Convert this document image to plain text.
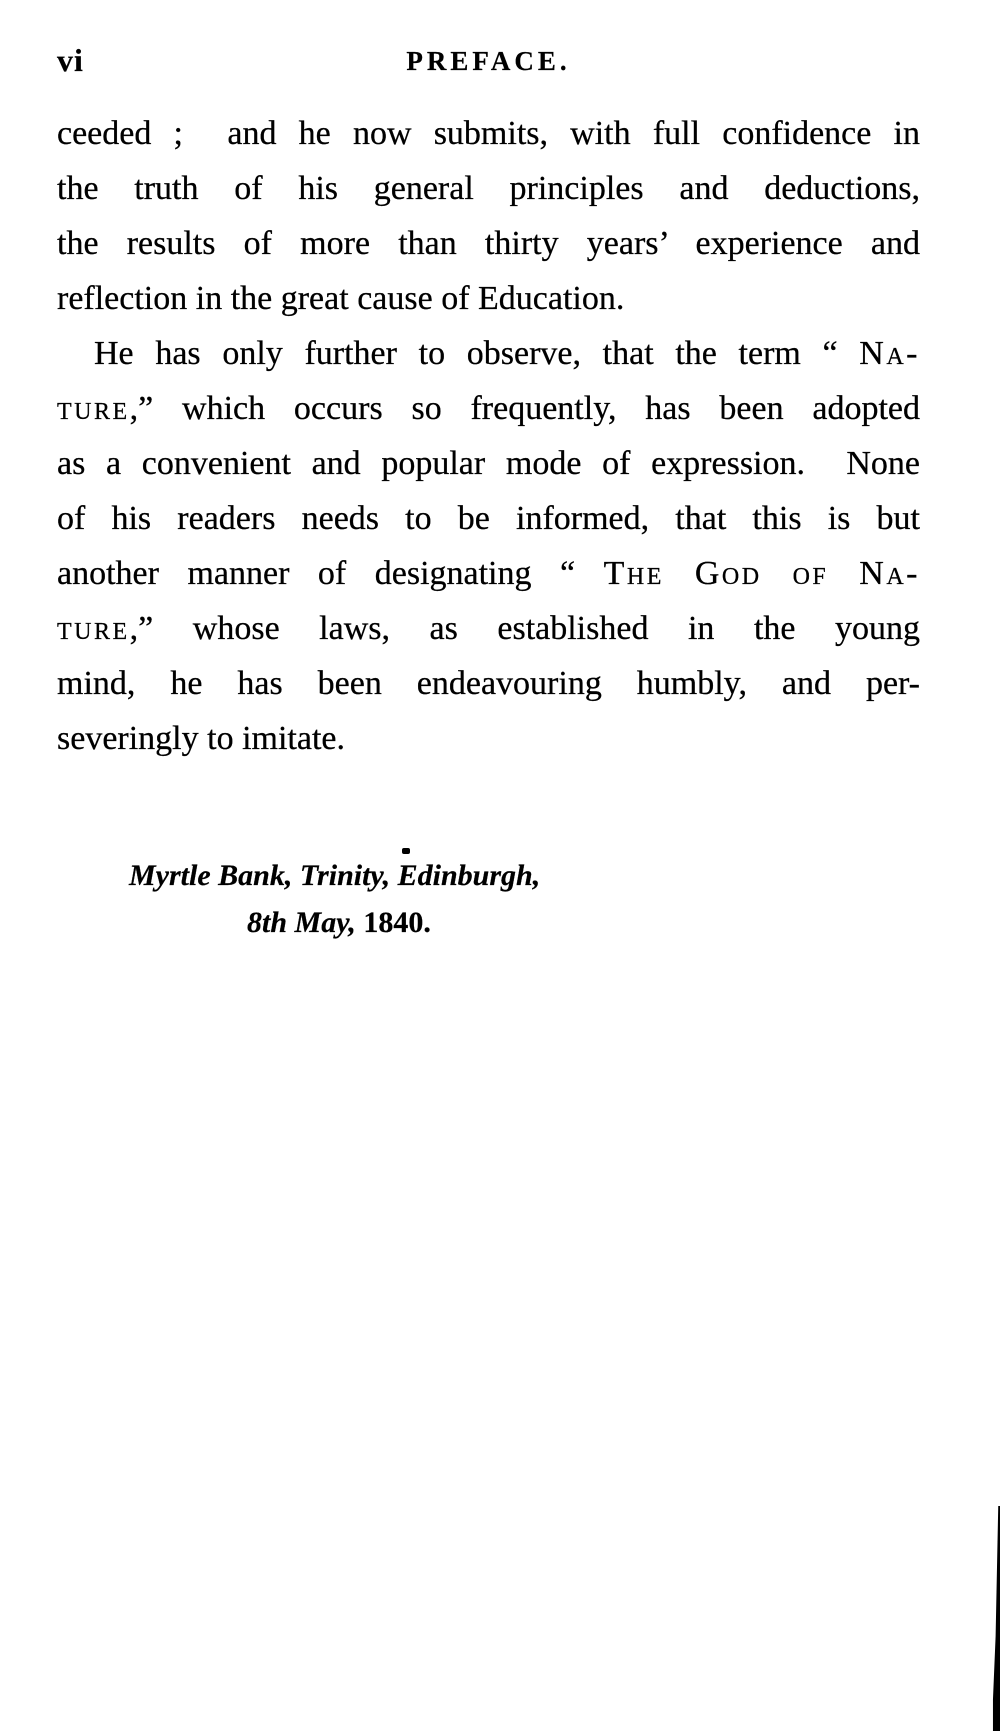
vi	PREFACE.
ceeded ;  and he now submits, with full confidence in
the truth of his general principles and deductions,
the results of more than thirty years’ experience and
reflection in the great cause of Education.
He has only further to observe, that the term “ Na-
ture,” which occurs so frequently, has been adopted
as a convenient and popular mode of expression.  None
of his readers needs to be informed, that this is but
another manner of designating “ The God of Na-
ture,” whose laws, as established in the young
mind, he has been endeavouring humbly, and per-
severingly to imitate.
Myrtle Bank, Trinity, Edinburgh,
8th May, 1840.
